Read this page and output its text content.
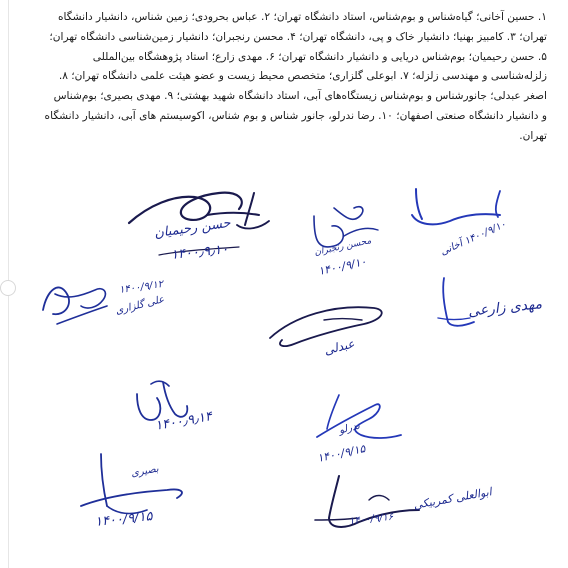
۱. حسین آخانی؛ گیاه‌شناس و بوم‌شناس، استاد دانشگاه تهران؛ ۲. عباس بحرودی؛ زمین شناس، دانشیار دانشگاه
تهران؛ ۳. کامبیز بهنیا؛ دانشیار خاک و پی، دانشگاه تهران؛ ۴. محسن رنجبران؛ دانشیار زمین‌شناسی دانشگاه تهران؛
۵. حسن رحیمیان؛ بوم‌شناس دریایی و دانشیار دانشگاه تهران؛ ۶. مهدی زارع؛ استاد پژوهشگاه بین‌المللی
زلزله‌شناسی و مهندسی زلزله؛ ۷. ابوعلی گلزاری؛ متخصص محیط زیست و عضو هیئت علمی دانشگاه تهران؛ ۸.
اصغر عبدلی؛ جانورشناس و بوم‌شناس زیستگاه‌های آبی، استاد دانشگاه شهید بهشتی؛ ۹. مهدی بصیری؛ بوم‌شناس
و دانشیار دانشگاه صنعتی اصفهان؛ ۱۰. رضا ندرلو، جانور شناس و بوم شناس، اکوسیستم های آبی، دانشیار دانشگاه
تهران.
حسن رحیمیان
۱۴۰۰٫۹٫۱۰	محسن رنجبران
۱۴۰۰/۹/۱۰
۱۴۰۰/۹/۱۰ آخانی
۱۴۰۰/۹/۱۲
علی گلزاری
عبدلی
مهدی زارعی
۱۴۰۰٫۹٫۱۴	ندرلو
۱۴۰۰/۹/۱۵
بصیری
۱۴۰۰/۹/۱۵
ابوالعلی کمربیکی
۱۴۰۰/۹/۱۶
